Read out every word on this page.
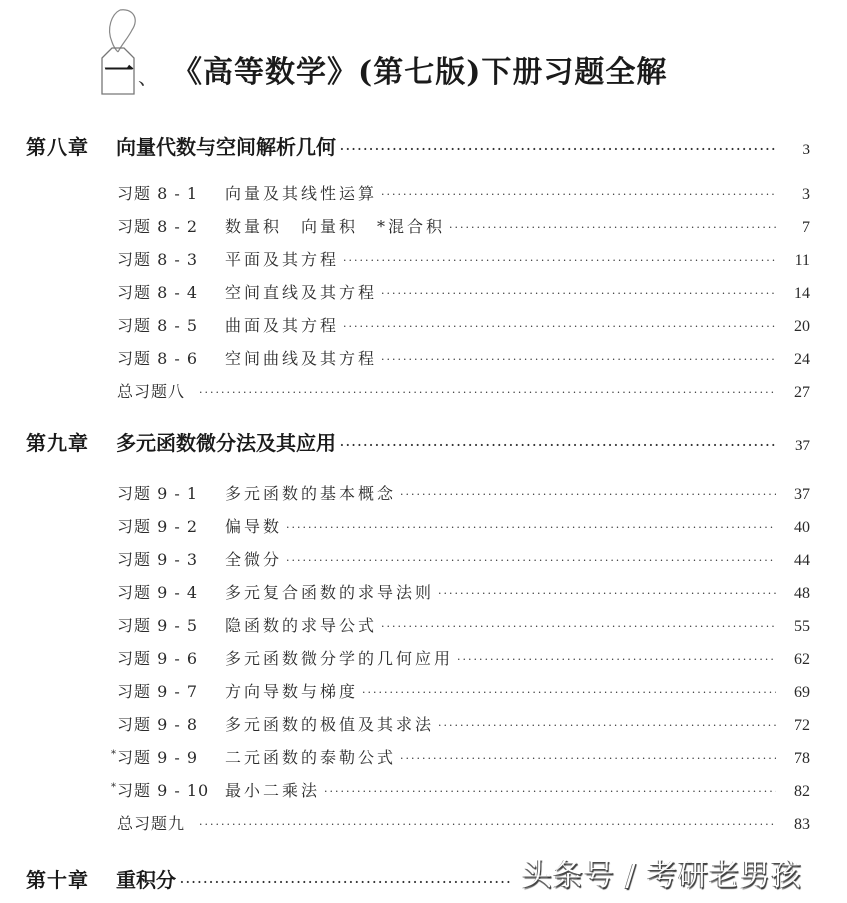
一 、 《高等数学》(第七版)下册习题全解
第八章	向量代数与空间解析几何 ·····	3
习题 8 - 1	向量及其线性运算 ·····	3
习题 8 - 2	数量积　向量积　*混合积 ·····	7
习题 8 - 3	平面及其方程 ·····	11
习题 8 - 4	空间直线及其方程 ·····	14
习题 8 - 5	曲面及其方程 ·····	20
习题 8 - 6	空间曲线及其方程 ·····	24
总习题八 ·····	27
第九章	多元函数微分法及其应用 ·····	37
习题 9 - 1	多元函数的基本概念 ·····	37
习题 9 - 2	偏导数 ·····	40
习题 9 - 3	全微分 ·····	44
习题 9 - 4	多元复合函数的求导法则 ·····	48
习题 9 - 5	隐函数的求导公式 ·····	55
习题 9 - 6	多元函数微分学的几何应用 ·····	62
习题 9 - 7	方向导数与梯度 ·····	69
习题 9 - 8	多元函数的极值及其求法 ·····	72
* 习题 9 - 9	二元函数的泰勒公式 ·····	78
* 习题 9 - 10 最小二乘法 ·····	82
总习题九 ·····	83
第十章	重积分 ·····	头条号 / 考研老男孩
